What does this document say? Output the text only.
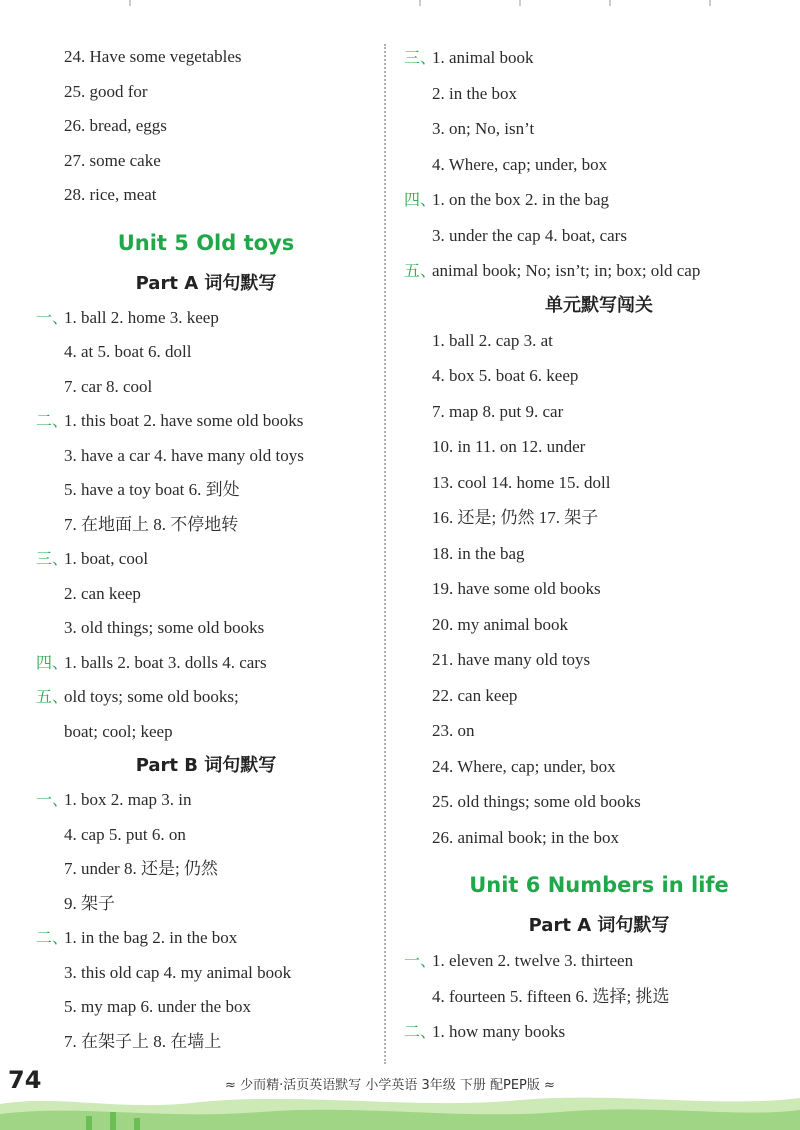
24. Have some vegetables
25. good for
26. bread, eggs
27. some cake
28. rice, meat
Unit 5 Old toys
Part A 词句默写
一、
1. ball 2. home 3. keep
4. at 5. boat 6. doll
7. car 8. cool
二、
1. this boat 2. have some old books
3. have a car 4. have many old toys
5. have a toy boat 6. 到处
7. 在地面上 8. 不停地转
三、
1. boat, cool
2. can keep
3. old things; some old books
四、
1. balls 2. boat 3. dolls 4. cars
五、
old toys; some old books;
boat; cool; keep
Part B 词句默写
一、
1. box 2. map 3. in
4. cap 5. put 6. on
7. under 8. 还是; 仍然
9. 架子
二、
1. in the bag 2. in the box
3. this old cap 4. my animal book
5. my map 6. under the box
7. 在架子上 8. 在墙上
三、
1. animal book
2. in the box
3. on; No, isn’t
4. Where, cap; under, box
四、
1. on the box 2. in the bag
3. under the cap 4. boat, cars
五、
animal book; No; isn’t; in; box; old cap
单元默写闯关
1. ball 2. cap 3. at
4. box 5. boat 6. keep
7. map 8. put 9. car
10. in 11. on 12. under
13. cool 14. home 15. doll
16. 还是; 仍然 17. 架子
18. in the bag
19. have some old books
20. my animal book
21. have many old toys
22. can keep
23. on
24. Where, cap; under, box
25. old things; some old books
26. animal book; in the box
Unit 6 Numbers in life
Part A 词句默写
一、
1. eleven 2. twelve 3. thirteen
4. fourteen 5. fifteen 6. 选择; 挑选
二、
1. how many books
74	≈ 少而精·活页英语默写 小学英语 3年级 下册 配PEP版 ≈
